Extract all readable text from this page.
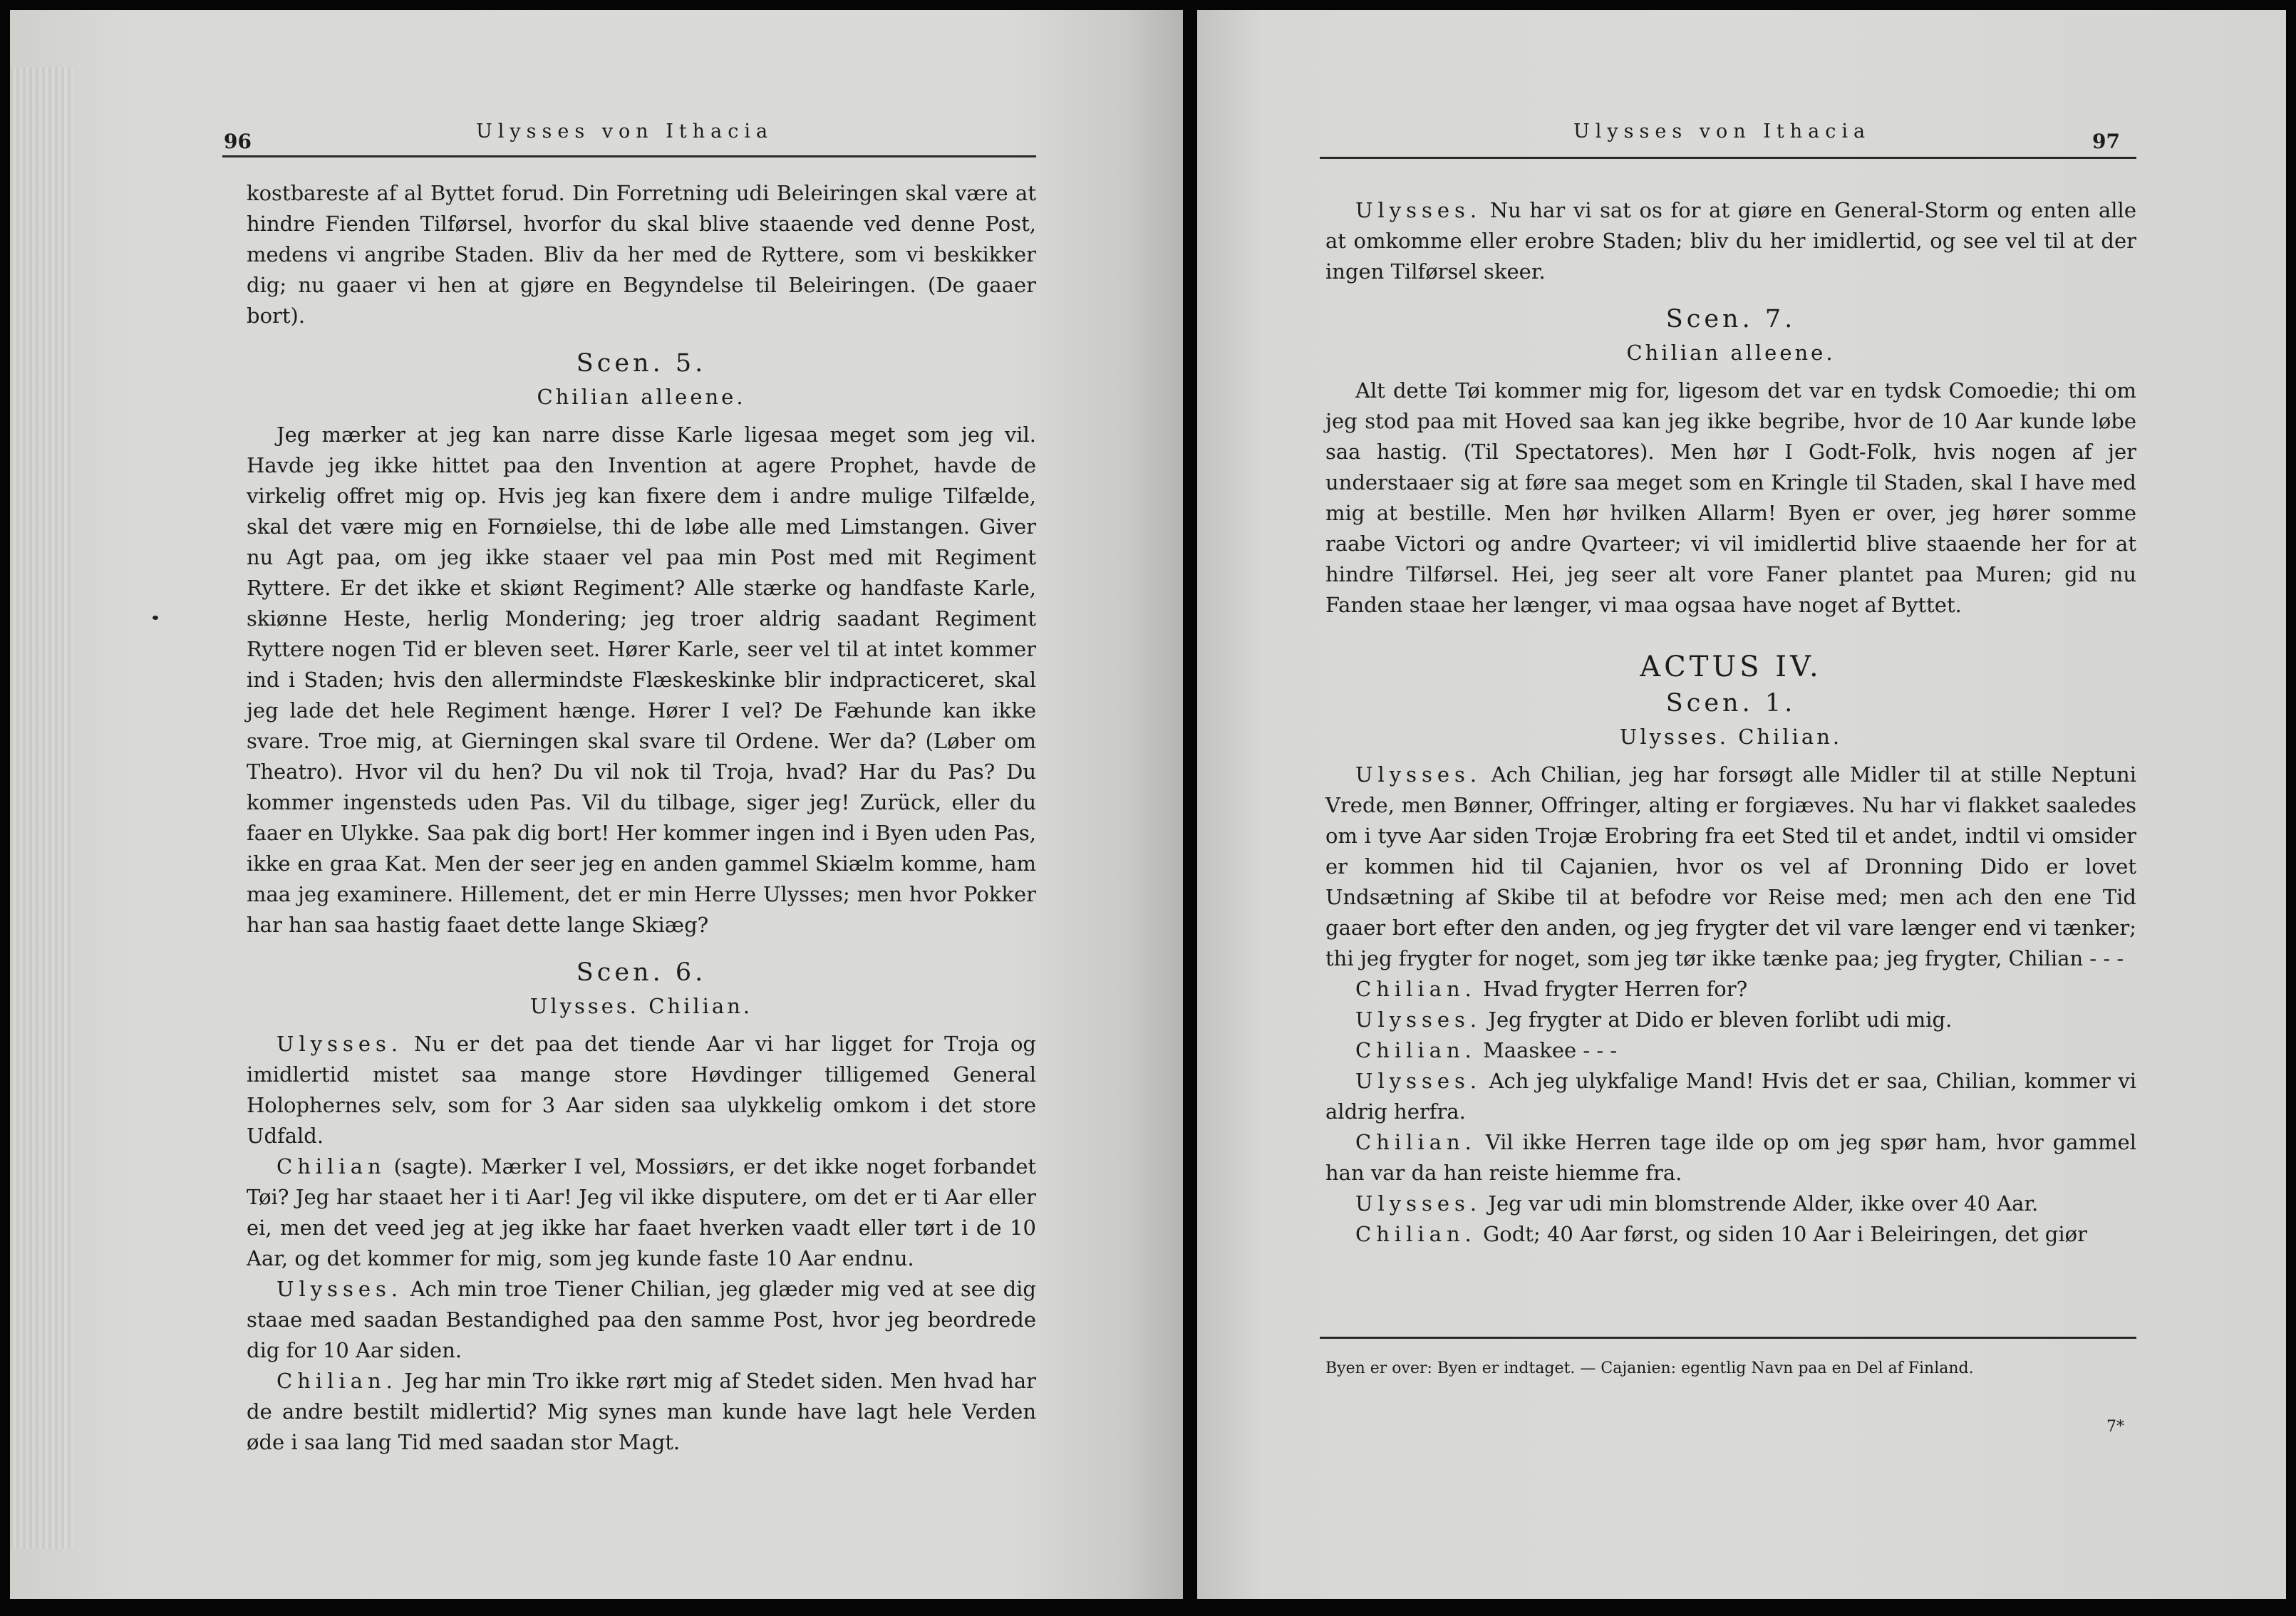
96	Ulysses von Ithacia

kostbareste af al Byttet forud. Din Forretning udi Beleiringen skal være at hindre Fienden Tilførsel, hvorfor du skal blive staaende ved denne Post, medens vi angribe Staden. Bliv da her med de Ryttere, som vi beskikker dig; nu gaaer vi hen at gjøre en Begyndelse til Beleiringen. (De gaaer bort).

Scen. 5.
Chilian alleene.

Jeg mærker at jeg kan narre disse Karle ligesaa meget som jeg vil. Havde jeg ikke hittet paa den Invention at agere Prophet, havde de virkelig offret mig op. Hvis jeg kan fixere dem i andre mulige Tilfælde, skal det være mig en Fornøielse, thi de løbe alle med Limstangen. Giver nu Agt paa, om jeg ikke staaer vel paa min Post med mit Regiment Ryttere. Er det ikke et skiønt Regiment? Alle stærke og handfaste Karle, skiønne Heste, herlig Mondering; jeg troer aldrig saadant Regiment Ryttere nogen Tid er bleven seet. Hører Karle, seer vel til at intet kommer ind i Staden; hvis den allermindste Flæskeskinke blir indpracticeret, skal jeg lade det hele Regiment hænge. Hører I vel? De Fæhunde kan ikke svare. Troe mig, at Gierningen skal svare til Ordene. Wer da? (Løber om Theatro). Hvor vil du hen? Du vil nok til Troja, hvad? Har du Pas? Du kommer ingensteds uden Pas. Vil du tilbage, siger jeg! Zurück, eller du faaer en Ulykke. Saa pak dig bort! Her kommer ingen ind i Byen uden Pas, ikke en graa Kat. Men der seer jeg en anden gammel Skiælm komme, ham maa jeg examinere. Hillement, det er min Herre Ulysses; men hvor Pokker har han saa hastig faaet dette lange Skiæg?

Scen. 6.
Ulysses. Chilian.

Ulysses. Nu er det paa det tiende Aar vi har ligget for Troja og imidlertid mistet saa mange store Høvdinger tilligemed General Holophernes selv, som for 3 Aar siden saa ulykkelig omkom i det store Udfald.

Chilian (sagte). Mærker I vel, Mossiørs, er det ikke noget forbandet Tøi? Jeg har staaet her i ti Aar! Jeg vil ikke disputere, om det er ti Aar eller ei, men det veed jeg at jeg ikke har faaet hverken vaadt eller tørt i de 10 Aar, og det kommer for mig, som jeg kunde faste 10 Aar endnu.

Ulysses. Ach min troe Tiener Chilian, jeg glæder mig ved at see dig staae med saadan Bestandighed paa den samme Post, hvor jeg beordrede dig for 10 Aar siden.

Chilian. Jeg har min Tro ikke rørt mig af Stedet siden. Men hvad har de andre bestilt midlertid? Mig synes man kunde have lagt hele Verden øde i saa lang Tid med saadan stor Magt.

Ulysses von Ithacia	97

Ulysses. Nu har vi sat os for at giøre en General-Storm og enten alle at omkomme eller erobre Staden; bliv du her imidlertid, og see vel til at der ingen Tilførsel skeer.

Scen. 7.
Chilian alleene.

Alt dette Tøi kommer mig for, ligesom det var en tydsk Comoedie; thi om jeg stod paa mit Hoved saa kan jeg ikke begribe, hvor de 10 Aar kunde løbe saa hastig. (Til Spectatores). Men hør I Godt-Folk, hvis nogen af jer understaaer sig at føre saa meget som en Kringle til Staden, skal I have med mig at bestille. Men hør hvilken Allarm! Byen er over, jeg hører somme raabe Victori og andre Qvarteer; vi vil imidlertid blive staaende her for at hindre Tilførsel. Hei, jeg seer alt vore Faner plantet paa Muren; gid nu Fanden staae her længer, vi maa ogsaa have noget af Byttet.

ACTUS IV.
Scen. 1.
Ulysses. Chilian.

Ulysses. Ach Chilian, jeg har forsøgt alle Midler til at stille Neptuni Vrede, men Bønner, Offringer, alting er forgiæves. Nu har vi flakket saaledes om i tyve Aar siden Trojæ Erobring fra eet Sted til et andet, indtil vi omsider er kommen hid til Cajanien, hvor os vel af Dronning Dido er lovet Undsætning af Skibe til at befodre vor Reise med; men ach den ene Tid gaaer bort efter den anden, og jeg frygter det vil vare længer end vi tænker; thi jeg frygter for noget, som jeg tør ikke tænke paa; jeg frygter, Chilian - - -

Chilian. Hvad frygter Herren for?

Ulysses. Jeg frygter at Dido er bleven forlibt udi mig.

Chilian. Maaskee - - -

Ulysses. Ach jeg ulykfalige Mand! Hvis det er saa, Chilian, kommer vi aldrig herfra.

Chilian. Vil ikke Herren tage ilde op om jeg spør ham, hvor gammel han var da han reiste hiemme fra.

Ulysses. Jeg var udi min blomstrende Alder, ikke over 40 Aar.

Chilian. Godt; 40 Aar først, og siden 10 Aar i Beleiringen, det giør

Byen er over: Byen er indtaget. — Cajanien: egentlig Navn paa en Del af Finland.

7*
